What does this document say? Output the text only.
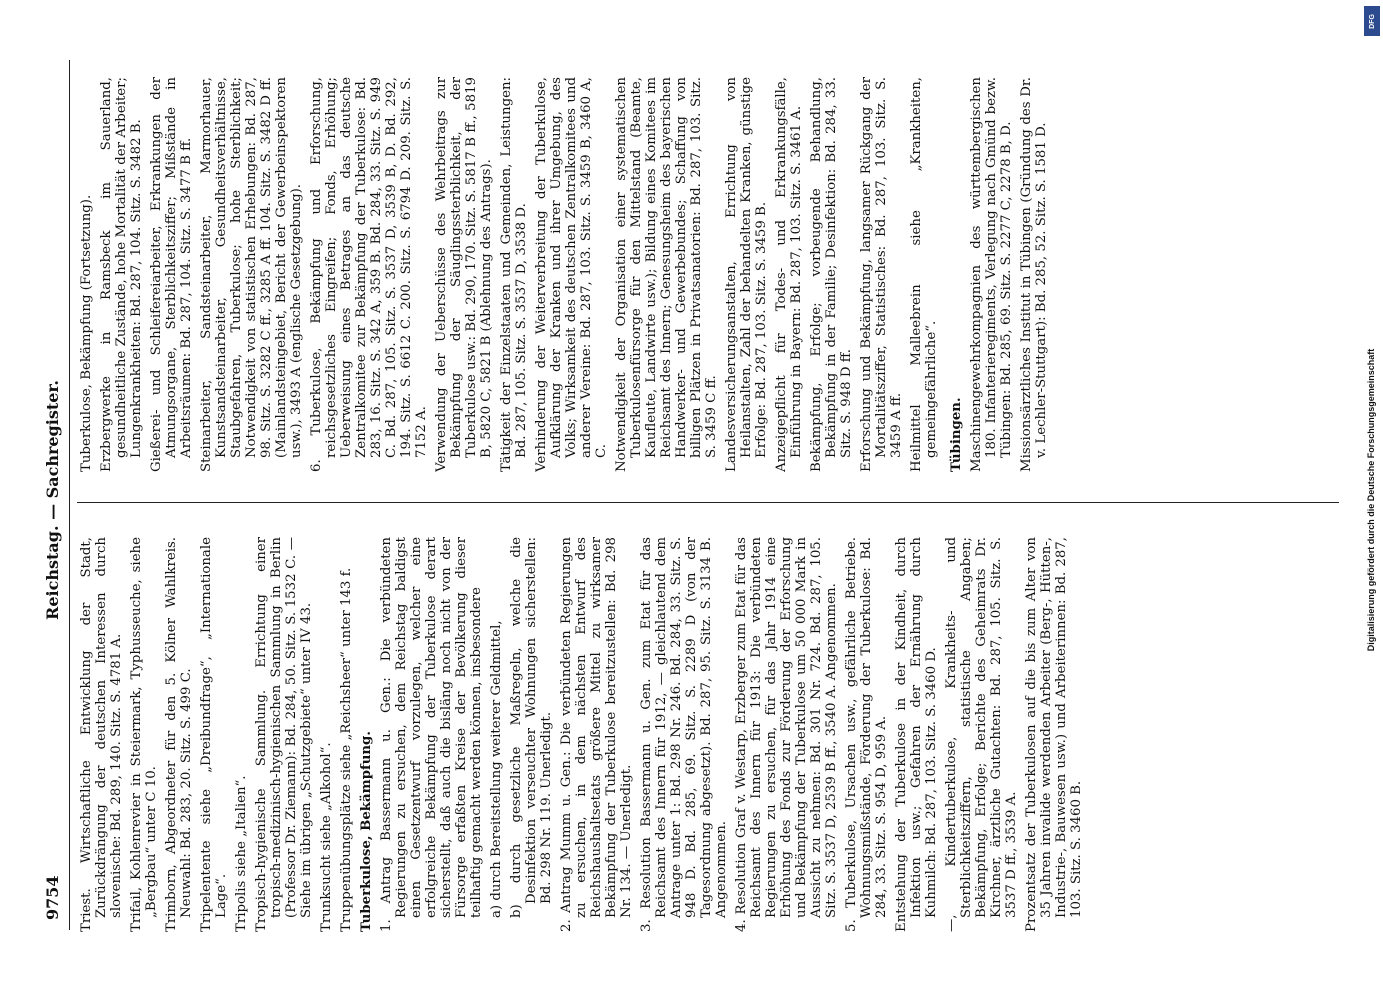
9754
Reichstag. — Sachregister.

Triest. Wirtschaftliche Entwicklung der Stadt, Zurückdrängung der deutschen Interessen durch slovenische: Bd. 289, 140. Sitz. S. 4781 A. Trifail, Kohlenrevier in Steiermark, Typhusseuche, siehe „Bergbau“ unter C 10. Trimborn, Abgeordneter für den 5. Kölner Wahlkreis. Neuwahl: Bd. 283, 20. Sitz. S. 499 C. Tripelentente siehe „Dreibundfrage“, „Internationale Lage“. Tripolis siehe „Italien“. Tropisch-hygienische Sammlung. Errichtung einer tropisch-medizinisch-hygienischen Sammlung in Berlin (Professor Dr. Ziemann): Bd. 284, 50. Sitz. S. 1532 C. — Siehe im übrigen „Schutzgebiete“ unter IV 43. Trunksucht siehe „Alkohol“. Truppenübungsplätze siehe „Reichsheer“ unter 143 f. Tuberkulose, Bekämpfung. 1. Antrag Bassermann u. Gen.: Die verbündeten Regierungen zu ersuchen, dem Reichstag baldigst einen Gesetzentwurf vorzulegen, welcher eine erfolgreiche Bekämpfung der Tuberkulose derart sicherstellt, daß auch die bisläng noch nicht von der Fürsorge erfaßten Kreise der Bevölkerung dieser teilhaftig gemacht werden können, insbesondere a) durch Bereitstellung weiterer Geldmittel, b) durch gesetzliche Maßregeln, welche die Desinfektion verseuchter Wohnungen sicherstellen: Bd. 298 Nr. 119. Unerledigt. 2. Antrag Mumm u. Gen.: Die verbündeten Regierungen zu ersuchen, in dem nächsten Entwurf des Reichshaushaltsetats größere Mittel zu wirksamer Bekämpfung der Tuberkulose bereitzustellen: Bd. 298 Nr. 134. — Unerledigt. 3. Resolution Bassermann u. Gen. zum Etat für das Reichsamt des Innern für 1912, — gleichlautend dem Antrage unter 1: Bd. 298 Nr. 246. Bd. 284, 33. Sitz. S. 948 D. Bd. 285, 69. Sitz. S. 2289 D (von der Tagesordnung abgesetzt). Bd. 287, 95. Sitz. S. 3134 B. Angenommen. 4. Resolution Graf v. Westarp, Erzberger zum Etat für das Reichsamt des Innern für 1913: Die verbündeten Regierungen zu ersuchen, für das Jahr 1914 eine Erhöhung des Fonds zur Förderung der Erforschung und Bekämpfung der Tuberkulose um 50 000 Mark in Aussicht zu nehmen: Bd. 301 Nr. 724. Bd. 287, 105. Sitz. S. 3537 D, 2539 B ff., 3540 A. Angenommen. 5. Tuberkulose, Ursachen usw., gefährliche Betriebe. Wohnungsmißstände, Förderung der Tuberkulose: Bd. 284, 33. Sitz. S. 954 D, 959 A. Entstehung der Tuberkulose in der Kindheit, durch Infektion usw.; Gefahren der Ernährung durch Kuhmilch: Bd. 287, 103. Sitz. S. 3460 D. —, Kindertuberkulose, Krankheits- und Sterblichkeitsziffern, statistische Angaben; Bekämpfung, Erfolge; Berichte des Geheimrats Dr. Kirchner, ärztliche Gutachten: Bd. 287, 105. Sitz. S. 3537 D ff., 3539 A. Prozentsatz der Tuberkulosen auf die bis zum Alter von 35 Jahren invalide werdenden Arbeiter (Berg-, Hütten-, Industrie-, Bauwesen usw.) und Arbeiterinnen: Bd. 287, 103. Sitz. S. 3460 B.

Tuberkulose, Bekämpfung (Fortsetzung). Erzbergwerke in Ramsbeck im Sauerland, gesundheitliche Zustände, hohe Mortalität der Arbeiter; Lungenkrankheiten: Bd. 287, 104. Sitz. S. 3482 B. Gießerei- und Schleifereiarbeiter, Erkrankungen der Atmungsorgane, Sterblichkeitsziffer; Mißstände in Arbeitsräumen: Bd. 287, 104. Sitz. S. 3477 B ff. Steinarbeiter, Sandsteinarbeiter, Marmorhauer, Kunstsandsteinarbeiter, Gesundheitsverhältnisse, Staubgefahren, Tuberkulose; hohe Sterblichkeit; Notwendigkeit von statistischen Erhebungen: Bd. 287, 98. Sitz. S. 3282 C ff., 3285 A ff. 104. Sitz. S. 3482 D ff. (Mainlandsteingebiet, Bericht der Gewerbeinspektoren usw.), 3493 A (englische Gesetzgebung). 6. Tuberkulose, Bekämpfung und Erforschung, reichsgesetzliches Eingreifen; Fonds, Erhöhung; Ueberweisung eines Betrages an das deutsche Zentralkomitee zur Bekämpfung der Tuberkulose: Bd. 283, 16. Sitz. S. 342 A, 359 B. Bd. 284, 33. Sitz. S. 949 C. Bd. 287, 105. Sitz. S. 3537 D, 3539 B, D. Bd. 292, 194. Sitz. S. 6612 C. 200. Sitz. S. 6794 D. 209. Sitz. S. 7152 A. Verwendung der Ueberschüsse des Wehrbeitrags zur Bekämpfung der Säuglingssterblichkeit, der Tuberkulose usw.: Bd. 290, 170. Sitz. S. 5817 B ff., 5819 B, 5820 C, 5821 B (Ablehnung des Antrags). Tätigkeit der Einzelstaaten und Gemeinden, Leistungen: Bd. 287, 105. Sitz. S. 3537 D, 3538 D. Verhinderung der Weiterverbreitung der Tuberkulose, Aufklärung der Kranken und ihrer Umgebung, des Volks; Wirksamkeit des deutschen Zentralkomitees und anderer Vereine: Bd. 287, 103. Sitz. S. 3459 B, 3460 A, C. Notwendigkeit der Organisation einer systematischen Tuberkulosenfürsorge für den Mittelstand (Beamte, Kaufleute, Landwirte usw.); Bildung eines Komitees im Reichsamt des Innern; Genesungsheim des bayerischen Handwerker- und Gewerbebundes; Schaffung von billigen Plätzen in Privatsanatorien: Bd. 287, 103. Sitz. S. 3459 C ff. Landesversicherungsanstalten, Errichtung von Heilanstalten, Zahl der behandelten Kranken, günstige Erfolge: Bd. 287, 103. Sitz. S. 3459 B. Anzeigepflicht für Todes- und Erkrankungsfälle, Einführung in Bayern: Bd. 287, 103. Sitz. S. 3461 A. Bekämpfung, Erfolge; vorbeugende Behandlung, Bekämpfung in der Familie; Desinfektion: Bd. 284, 33. Sitz. S. 948 D ff. Erforschung und Bekämpfung, langsamer Rückgang der Mortalitätsziffer, Statistisches: Bd. 287, 103. Sitz. S. 3459 A ff. Heilmittel Malleebrein siehe „Krankheiten, gemeingefährliche“. Tübingen. Maschinengewehrkompagnien des württembergischen 180. Infanterieregiments, Verlegung nach Gmünd bezw. Tübingen: Bd. 285, 69. Sitz. S. 2277 C, 2278 B, D. Missionsärztliches Institut in Tübingen (Gründung des Dr. v. Lechler-Stuttgart): Bd. 285, 52. Sitz. S. 1581 D.

Digitalisierung gefördert durch die Deutsche Forschungsgemeinschaft
DFG
